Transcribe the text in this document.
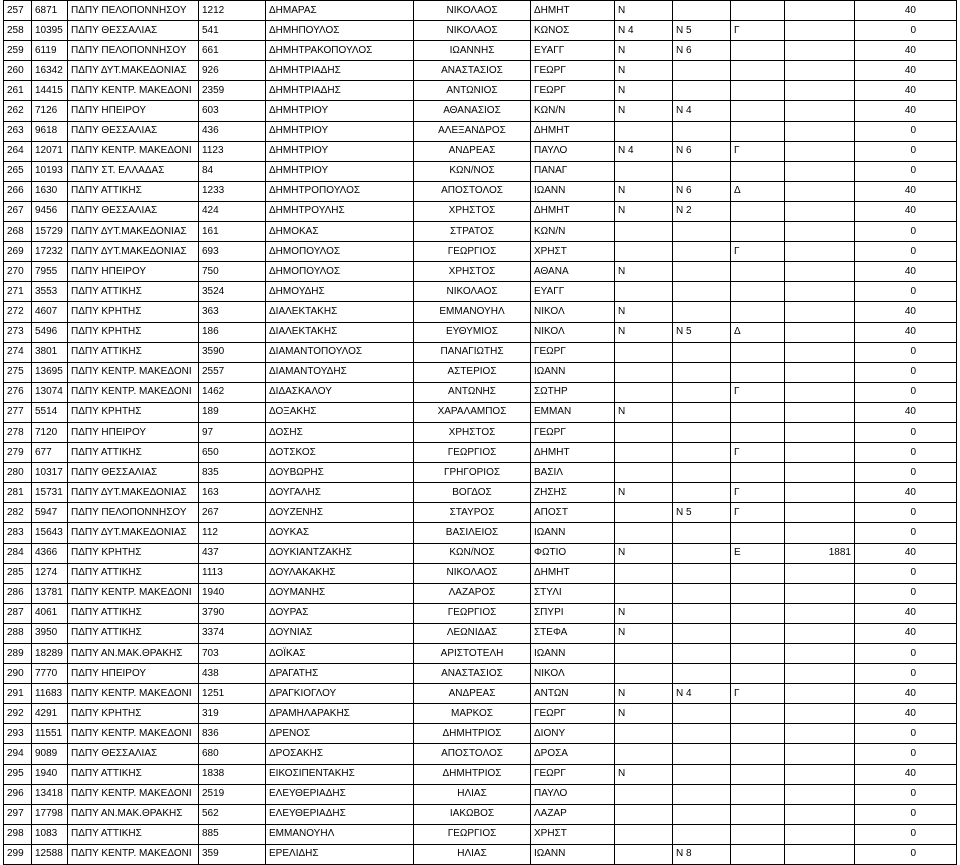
257	6871	ΠΔΠΥ ΠΕΛΟΠΟΝΝΗΣΟΥ	1212	ΔΗΜΑΡΑΣ	ΝΙΚΟΛΑΟΣ	ΔΗΜΗΤ	Ν				40
258	10395	ΠΔΠΥ ΘΕΣΣΑΛΙΑΣ	541	ΔΗΜΗΠΟΥΛΟΣ	ΝΙΚΟΛΑΟΣ	ΚΩΝΟΣ	Ν 4	Ν 5	Γ		0
259	6119	ΠΔΠΥ ΠΕΛΟΠΟΝΝΗΣΟΥ	661	ΔΗΜΗΤΡΑΚΟΠΟΥΛΟΣ	ΙΩΑΝΝΗΣ	ΕΥΑΓΓ	Ν	Ν 6			40
260	16342	ΠΔΠΥ ΔΥΤ.ΜΑΚΕΔΟΝΙΑΣ	926	ΔΗΜΗΤΡΙΑΔΗΣ	ΑΝΑΣΤΑΣΙΟΣ	ΓΕΩΡΓ	Ν				40
261	14415	ΠΔΠΥ ΚΕΝΤΡ. ΜΑΚΕΔΟΝΙ	2359	ΔΗΜΗΤΡΙΑΔΗΣ	ΑΝΤΩΝΙΟΣ	ΓΕΩΡΓ	Ν				40
262	7126	ΠΔΠΥ ΗΠΕΙΡΟΥ	603	ΔΗΜΗΤΡΙΟΥ	ΑΘΑΝΑΣΙΟΣ	ΚΩΝ/Ν	Ν	Ν 4			40
263	9618	ΠΔΠΥ ΘΕΣΣΑΛΙΑΣ	436	ΔΗΜΗΤΡΙΟΥ	ΑΛΕΞΑΝΔΡΟΣ	ΔΗΜΗΤ					0
264	12071	ΠΔΠΥ ΚΕΝΤΡ. ΜΑΚΕΔΟΝΙ	1123	ΔΗΜΗΤΡΙΟΥ	ΑΝΔΡΕΑΣ	ΠΑΥΛΟ	Ν 4	Ν 6	Γ		0
265	10193	ΠΔΠΥ ΣΤ. ΕΛΛΑΔΑΣ	84	ΔΗΜΗΤΡΙΟΥ	ΚΩΝ/ΝΟΣ	ΠΑΝΑΓ					0
266	1630	ΠΔΠΥ ΑΤΤΙΚΗΣ	1233	ΔΗΜΗΤΡΟΠΟΥΛΟΣ	ΑΠΟΣΤΟΛΟΣ	ΙΩΑΝΝ	Ν	Ν 6	Δ		40
267	9456	ΠΔΠΥ ΘΕΣΣΑΛΙΑΣ	424	ΔΗΜΗΤΡΟΥΛΗΣ	ΧΡΗΣΤΟΣ	ΔΗΜΗΤ	Ν	Ν 2			40
268	15729	ΠΔΠΥ ΔΥΤ.ΜΑΚΕΔΟΝΙΑΣ	161	ΔΗΜΟΚΑΣ	ΣΤΡΑΤΟΣ	ΚΩΝ/Ν					0
269	17232	ΠΔΠΥ ΔΥΤ.ΜΑΚΕΔΟΝΙΑΣ	693	ΔΗΜΟΠΟΥΛΟΣ	ΓΕΩΡΓΙΟΣ	ΧΡΗΣΤ			Γ		0
270	7955	ΠΔΠΥ ΗΠΕΙΡΟΥ	750	ΔΗΜΟΠΟΥΛΟΣ	ΧΡΗΣΤΟΣ	ΑΘΑΝΑ	Ν				40
271	3553	ΠΔΠΥ ΑΤΤΙΚΗΣ	3524	ΔΗΜΟΥΔΗΣ	ΝΙΚΟΛΑΟΣ	ΕΥΑΓΓ					0
272	4607	ΠΔΠΥ ΚΡΗΤΗΣ	363	ΔΙΑΛΕΚΤΑΚΗΣ	ΕΜΜΑΝΟΥΗΛ	ΝΙΚΟΛ	Ν				40
273	5496	ΠΔΠΥ ΚΡΗΤΗΣ	186	ΔΙΑΛΕΚΤΑΚΗΣ	ΕΥΘΥΜΙΟΣ	ΝΙΚΟΛ	Ν	Ν 5	Δ		40
274	3801	ΠΔΠΥ ΑΤΤΙΚΗΣ	3590	ΔΙΑΜΑΝΤΟΠΟΥΛΟΣ	ΠΑΝΑΓΙΩΤΗΣ	ΓΕΩΡΓ					0
275	13695	ΠΔΠΥ ΚΕΝΤΡ. ΜΑΚΕΔΟΝΙ	2557	ΔΙΑΜΑΝΤΟΥΔΗΣ	ΑΣΤΕΡΙΟΣ	ΙΩΑΝΝ					0
276	13074	ΠΔΠΥ ΚΕΝΤΡ. ΜΑΚΕΔΟΝΙ	1462	ΔΙΔΑΣΚΑΛΟΥ	ΑΝΤΩΝΗΣ	ΣΩΤΗΡ			Γ		0
277	5514	ΠΔΠΥ ΚΡΗΤΗΣ	189	ΔΟΞΑΚΗΣ	ΧΑΡΑΛΑΜΠΟΣ	ΕΜΜΑΝ	Ν				40
278	7120	ΠΔΠΥ ΗΠΕΙΡΟΥ	97	ΔΟΣΗΣ	ΧΡΗΣΤΟΣ	ΓΕΩΡΓ					0
279	677	ΠΔΠΥ ΑΤΤΙΚΗΣ	650	ΔΟΤΣΚΟΣ	ΓΕΩΡΓΙΟΣ	ΔΗΜΗΤ			Γ		0
280	10317	ΠΔΠΥ ΘΕΣΣΑΛΙΑΣ	835	ΔΟΥΒΩΡΗΣ	ΓΡΗΓΟΡΙΟΣ	ΒΑΣΙΛ					0
281	15731	ΠΔΠΥ ΔΥΤ.ΜΑΚΕΔΟΝΙΑΣ	163	ΔΟΥΓΑΛΗΣ	ΒΟΓΔΟΣ	ΖΗΣΗΣ	Ν		Γ		40
282	5947	ΠΔΠΥ ΠΕΛΟΠΟΝΝΗΣΟΥ	267	ΔΟΥΖΕΝΗΣ	ΣΤΑΥΡΟΣ	ΑΠΟΣΤ		Ν 5	Γ		0
283	15643	ΠΔΠΥ ΔΥΤ.ΜΑΚΕΔΟΝΙΑΣ	112	ΔΟΥΚΑΣ	ΒΑΣΙΛΕΙΟΣ	ΙΩΑΝΝ					0
284	4366	ΠΔΠΥ ΚΡΗΤΗΣ	437	ΔΟΥΚΙΑΝΤΖΑΚΗΣ	ΚΩΝ/ΝΟΣ	ΦΩΤΙΟ	Ν		Ε	1881	40
285	1274	ΠΔΠΥ ΑΤΤΙΚΗΣ	1113	ΔΟΥΛΑΚΑΚΗΣ	ΝΙΚΟΛΑΟΣ	ΔΗΜΗΤ					0
286	13781	ΠΔΠΥ ΚΕΝΤΡ. ΜΑΚΕΔΟΝΙ	1940	ΔΟΥΜΑΝΗΣ	ΛΑΖΑΡΟΣ	ΣΤΥΛΙ					0
287	4061	ΠΔΠΥ ΑΤΤΙΚΗΣ	3790	ΔΟΥΡΑΣ	ΓΕΩΡΓΙΟΣ	ΣΠΥΡΙ	Ν				40
288	3950	ΠΔΠΥ ΑΤΤΙΚΗΣ	3374	ΔΟΥΝΙΑΣ	ΛΕΩΝΙΔΑΣ	ΣΤΕΦΑ	Ν				40
289	18289	ΠΔΠΥ ΑΝ.ΜΑΚ.ΘΡΑΚΗΣ	703	ΔΟΪΚΑΣ	ΑΡΙΣΤΟΤΕΛΗ	ΙΩΑΝΝ					0
290	7770	ΠΔΠΥ ΗΠΕΙΡΟΥ	438	ΔΡΑΓΑΤΗΣ	ΑΝΑΣΤΑΣΙΟΣ	ΝΙΚΟΛ					0
291	11683	ΠΔΠΥ ΚΕΝΤΡ. ΜΑΚΕΔΟΝΙ	1251	ΔΡΑΓΚΙΟΓΛΟΥ	ΑΝΔΡΕΑΣ	ΑΝΤΩΝ	Ν	Ν 4	Γ		40
292	4291	ΠΔΠΥ ΚΡΗΤΗΣ	319	ΔΡΑΜΗΛΑΡΑΚΗΣ	ΜΑΡΚΟΣ	ΓΕΩΡΓ	Ν				40
293	11551	ΠΔΠΥ ΚΕΝΤΡ. ΜΑΚΕΔΟΝΙ	836	ΔΡΕΝΟΣ	ΔΗΜΗΤΡΙΟΣ	ΔΙΟΝΥ					0
294	9089	ΠΔΠΥ ΘΕΣΣΑΛΙΑΣ	680	ΔΡΟΣΑΚΗΣ	ΑΠΟΣΤΟΛΟΣ	ΔΡΟΣΑ					0
295	1940	ΠΔΠΥ ΑΤΤΙΚΗΣ	1838	ΕΙΚΟΣΙΠΕΝΤΑΚΗΣ	ΔΗΜΗΤΡΙΟΣ	ΓΕΩΡΓ	Ν				40
296	13418	ΠΔΠΥ ΚΕΝΤΡ. ΜΑΚΕΔΟΝΙ	2519	ΕΛΕΥΘΕΡΙΑΔΗΣ	ΗΛΙΑΣ	ΠΑΥΛΟ					0
297	17798	ΠΔΠΥ ΑΝ.ΜΑΚ.ΘΡΑΚΗΣ	562	ΕΛΕΥΘΕΡΙΑΔΗΣ	ΙΑΚΩΒΟΣ	ΛΑΖΑΡ					0
298	1083	ΠΔΠΥ ΑΤΤΙΚΗΣ	885	ΕΜΜΑΝΟΥΗΛ	ΓΕΩΡΓΙΟΣ	ΧΡΗΣΤ					0
299	12588	ΠΔΠΥ ΚΕΝΤΡ. ΜΑΚΕΔΟΝΙ	359	ΕΡΕΛΙΔΗΣ	ΗΛΙΑΣ	ΙΩΑΝΝ		Ν 8			0
